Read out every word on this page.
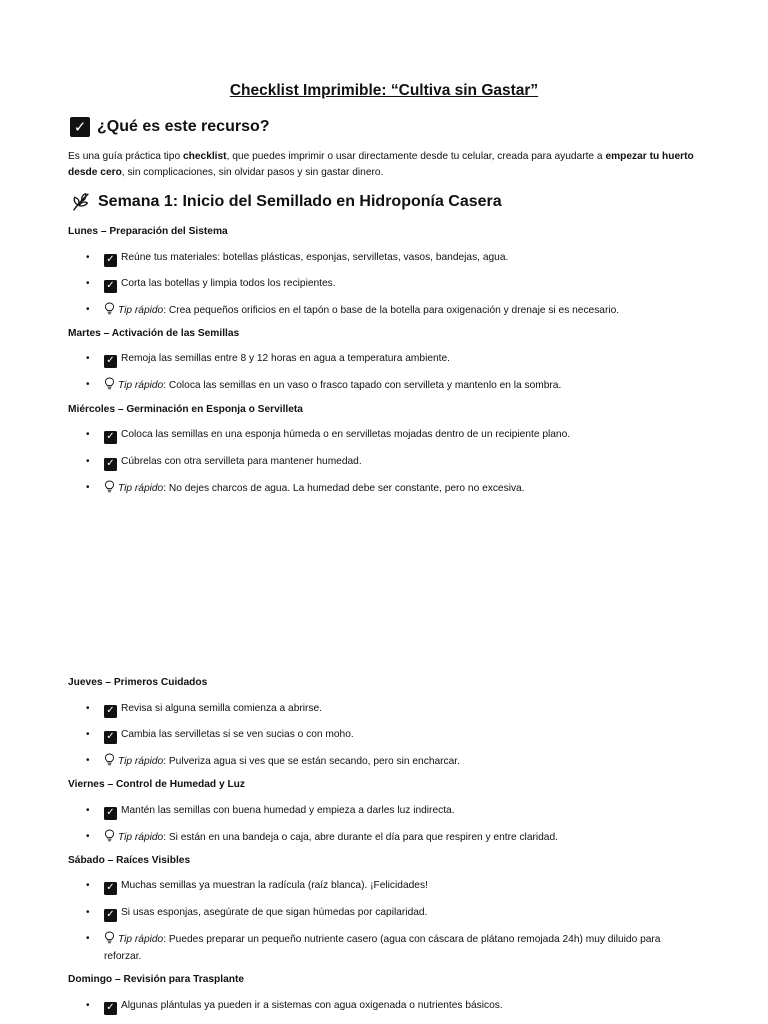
Checklist Imprimible: “Cultiva sin Gastar”
✓ ¿Qué es este recurso?
Es una guía práctica tipo checklist, que puedes imprimir o usar directamente desde tu celular, creada para ayudarte a empezar tu huerto desde cero, sin complicaciones, sin olvidar pasos y sin gastar dinero.
Semana 1: Inicio del Semillado en Hidroponía Casera
Lunes – Preparación del Sistema
•	✓ Reúne tus materiales: botellas plásticas, esponjas, servilletas, vasos, bandejas, agua.
•	✓ Corta las botellas y limpia todos los recipientes.
•	Tip rápido: Crea pequeños orificios en el tapón o base de la botella para oxigenación y drenaje si es necesario.
Martes – Activación de las Semillas
•	✓ Remoja las semillas entre 8 y 12 horas en agua a temperatura ambiente.
•	Tip rápido: Coloca las semillas en un vaso o frasco tapado con servilleta y mantenlo en la sombra.
Miércoles – Germinación en Esponja o Servilleta
•	✓ Coloca las semillas en una esponja húmeda o en servilletas mojadas dentro de un recipiente plano.
•	✓ Cúbrelas con otra servilleta para mantener humedad.
•	Tip rápido: No dejes charcos de agua. La humedad debe ser constante, pero no excesiva.
Jueves – Primeros Cuidados
•	✓ Revisa si alguna semilla comienza a abrirse.
•	✓ Cambia las servilletas si se ven sucias o con moho.
•	Tip rápido: Pulveriza agua si ves que se están secando, pero sin encharcar.
Viernes – Control de Humedad y Luz
•	✓ Mantén las semillas con buena humedad y empieza a darles luz indirecta.
•	Tip rápido: Si están en una bandeja o caja, abre durante el día para que respiren y entre claridad.
Sábado – Raíces Visibles
•	✓ Muchas semillas ya muestran la radícula (raíz blanca). ¡Felicidades!
•	✓ Si usas esponjas, asegúrate de que sigan húmedas por capilaridad.
•	Tip rápido: Puedes preparar un pequeño nutriente casero (agua con cáscara de plátano remojada 24h) muy diluido para reforzar.
Domingo – Revisión para Trasplante
•	✓ Algunas plántulas ya pueden ir a sistemas con agua oxigenada o nutrientes básicos.
